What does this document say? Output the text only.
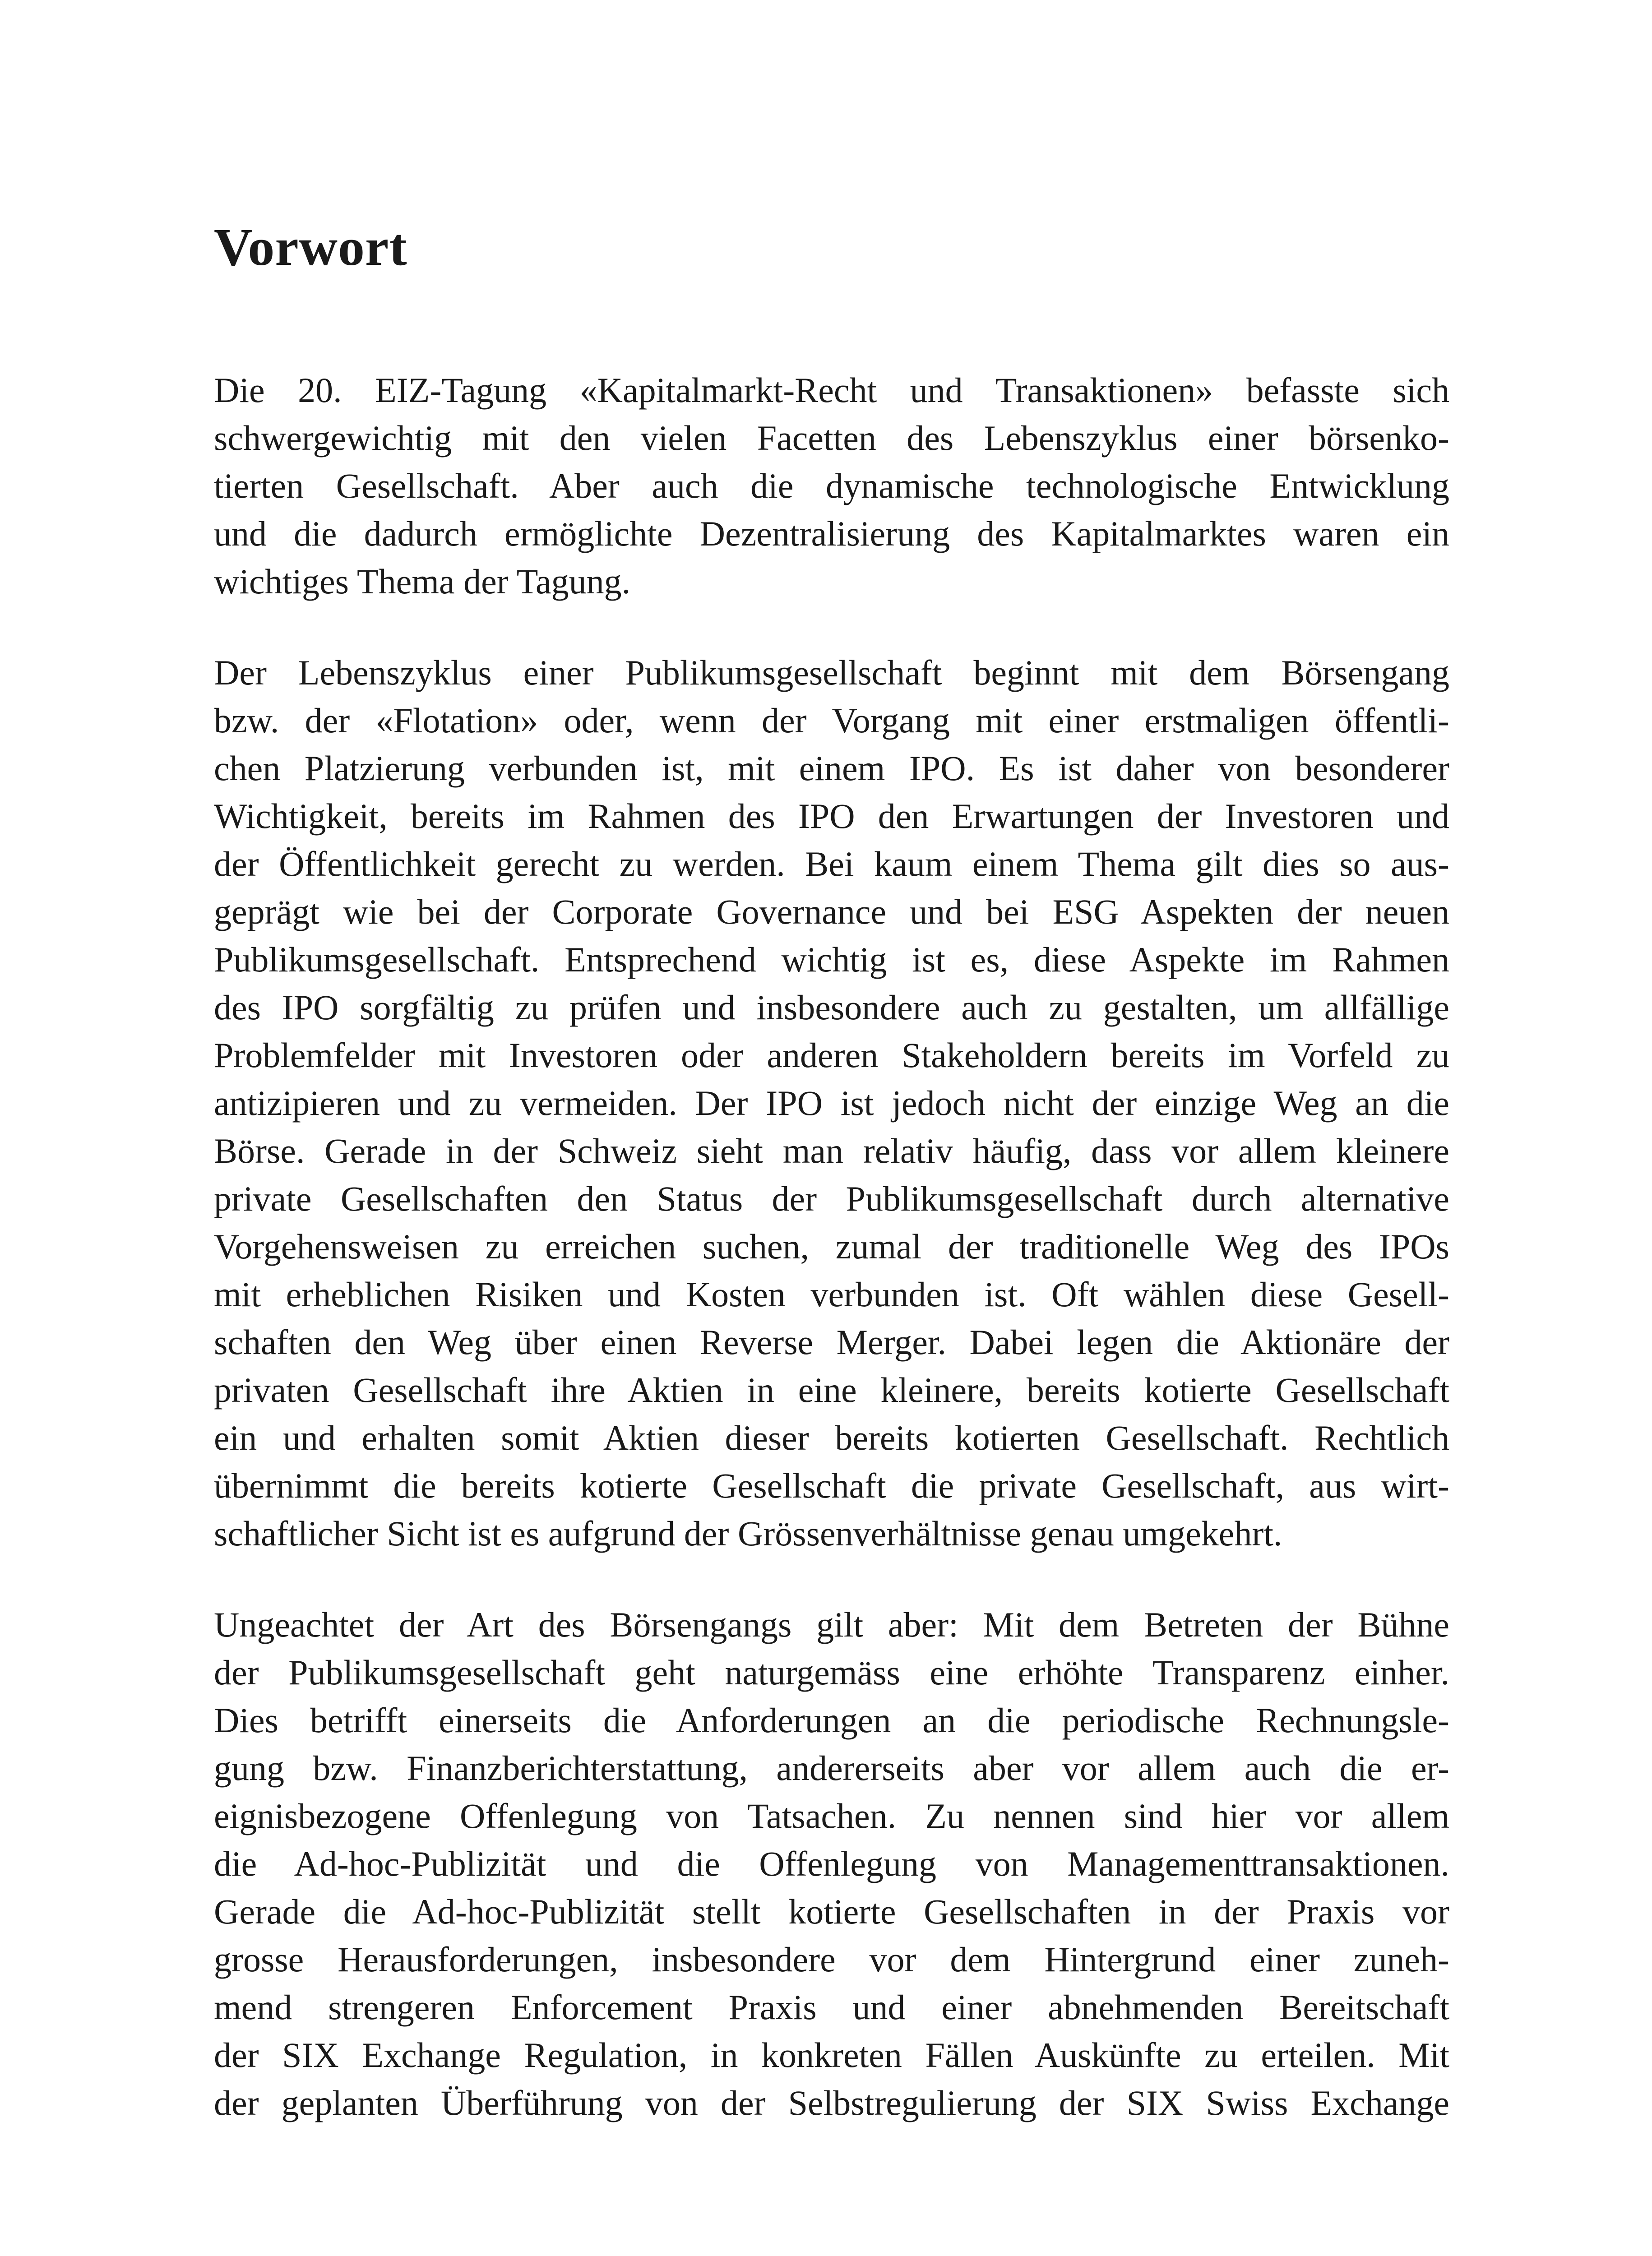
Vorwort
Die 20. EIZ-Tagung «Kapitalmarkt-Recht und Transaktionen» befasste sich
schwergewichtig mit den vielen Facetten des Lebenszyklus einer börsenko-
tierten Gesellschaft. Aber auch die dynamische technologische Entwicklung
und die dadurch ermöglichte Dezentralisierung des Kapitalmarktes waren ein
wichtiges Thema der Tagung.
Der Lebenszyklus einer Publikumsgesellschaft beginnt mit dem Börsengang
bzw. der «Flotation» oder, wenn der Vorgang mit einer erstmaligen öffentli-
chen Platzierung verbunden ist, mit einem IPO. Es ist daher von besonderer
Wichtigkeit, bereits im Rahmen des IPO den Erwartungen der Investoren und
der Öffentlichkeit gerecht zu werden. Bei kaum einem Thema gilt dies so aus-
geprägt wie bei der Corporate Governance und bei ESG Aspekten der neuen
Publikumsgesellschaft. Entsprechend wichtig ist es, diese Aspekte im Rahmen
des IPO sorgfältig zu prüfen und insbesondere auch zu gestalten, um allfällige
Problemfelder mit Investoren oder anderen Stakeholdern bereits im Vorfeld zu
antizipieren und zu vermeiden. Der IPO ist jedoch nicht der einzige Weg an die
Börse. Gerade in der Schweiz sieht man relativ häufig, dass vor allem kleinere
private Gesellschaften den Status der Publikumsgesellschaft durch alternative
Vorgehensweisen zu erreichen suchen, zumal der traditionelle Weg des IPOs
mit erheblichen Risiken und Kosten verbunden ist. Oft wählen diese Gesell-
schaften den Weg über einen Reverse Merger. Dabei legen die Aktionäre der
privaten Gesellschaft ihre Aktien in eine kleinere, bereits kotierte Gesellschaft
ein und erhalten somit Aktien dieser bereits kotierten Gesellschaft. Rechtlich
übernimmt die bereits kotierte Gesellschaft die private Gesellschaft, aus wirt-
schaftlicher Sicht ist es aufgrund der Grössenverhältnisse genau umgekehrt.
Ungeachtet der Art des Börsengangs gilt aber: Mit dem Betreten der Bühne
der Publikumsgesellschaft geht naturgemäss eine erhöhte Transparenz einher.
Dies betrifft einerseits die Anforderungen an die periodische Rechnungsle-
gung bzw. Finanzberichterstattung, andererseits aber vor allem auch die er-
eignisbezogene Offenlegung von Tatsachen. Zu nennen sind hier vor allem
die Ad-hoc-Publizität und die Offenlegung von Managementtransaktionen.
Gerade die Ad-hoc-Publizität stellt kotierte Gesellschaften in der Praxis vor
grosse Herausforderungen, insbesondere vor dem Hintergrund einer zuneh-
mend strengeren Enforcement Praxis und einer abnehmenden Bereitschaft
der SIX Exchange Regulation, in konkreten Fällen Auskünfte zu erteilen. Mit
der geplanten Überführung von der Selbstregulierung der SIX Swiss Exchange
